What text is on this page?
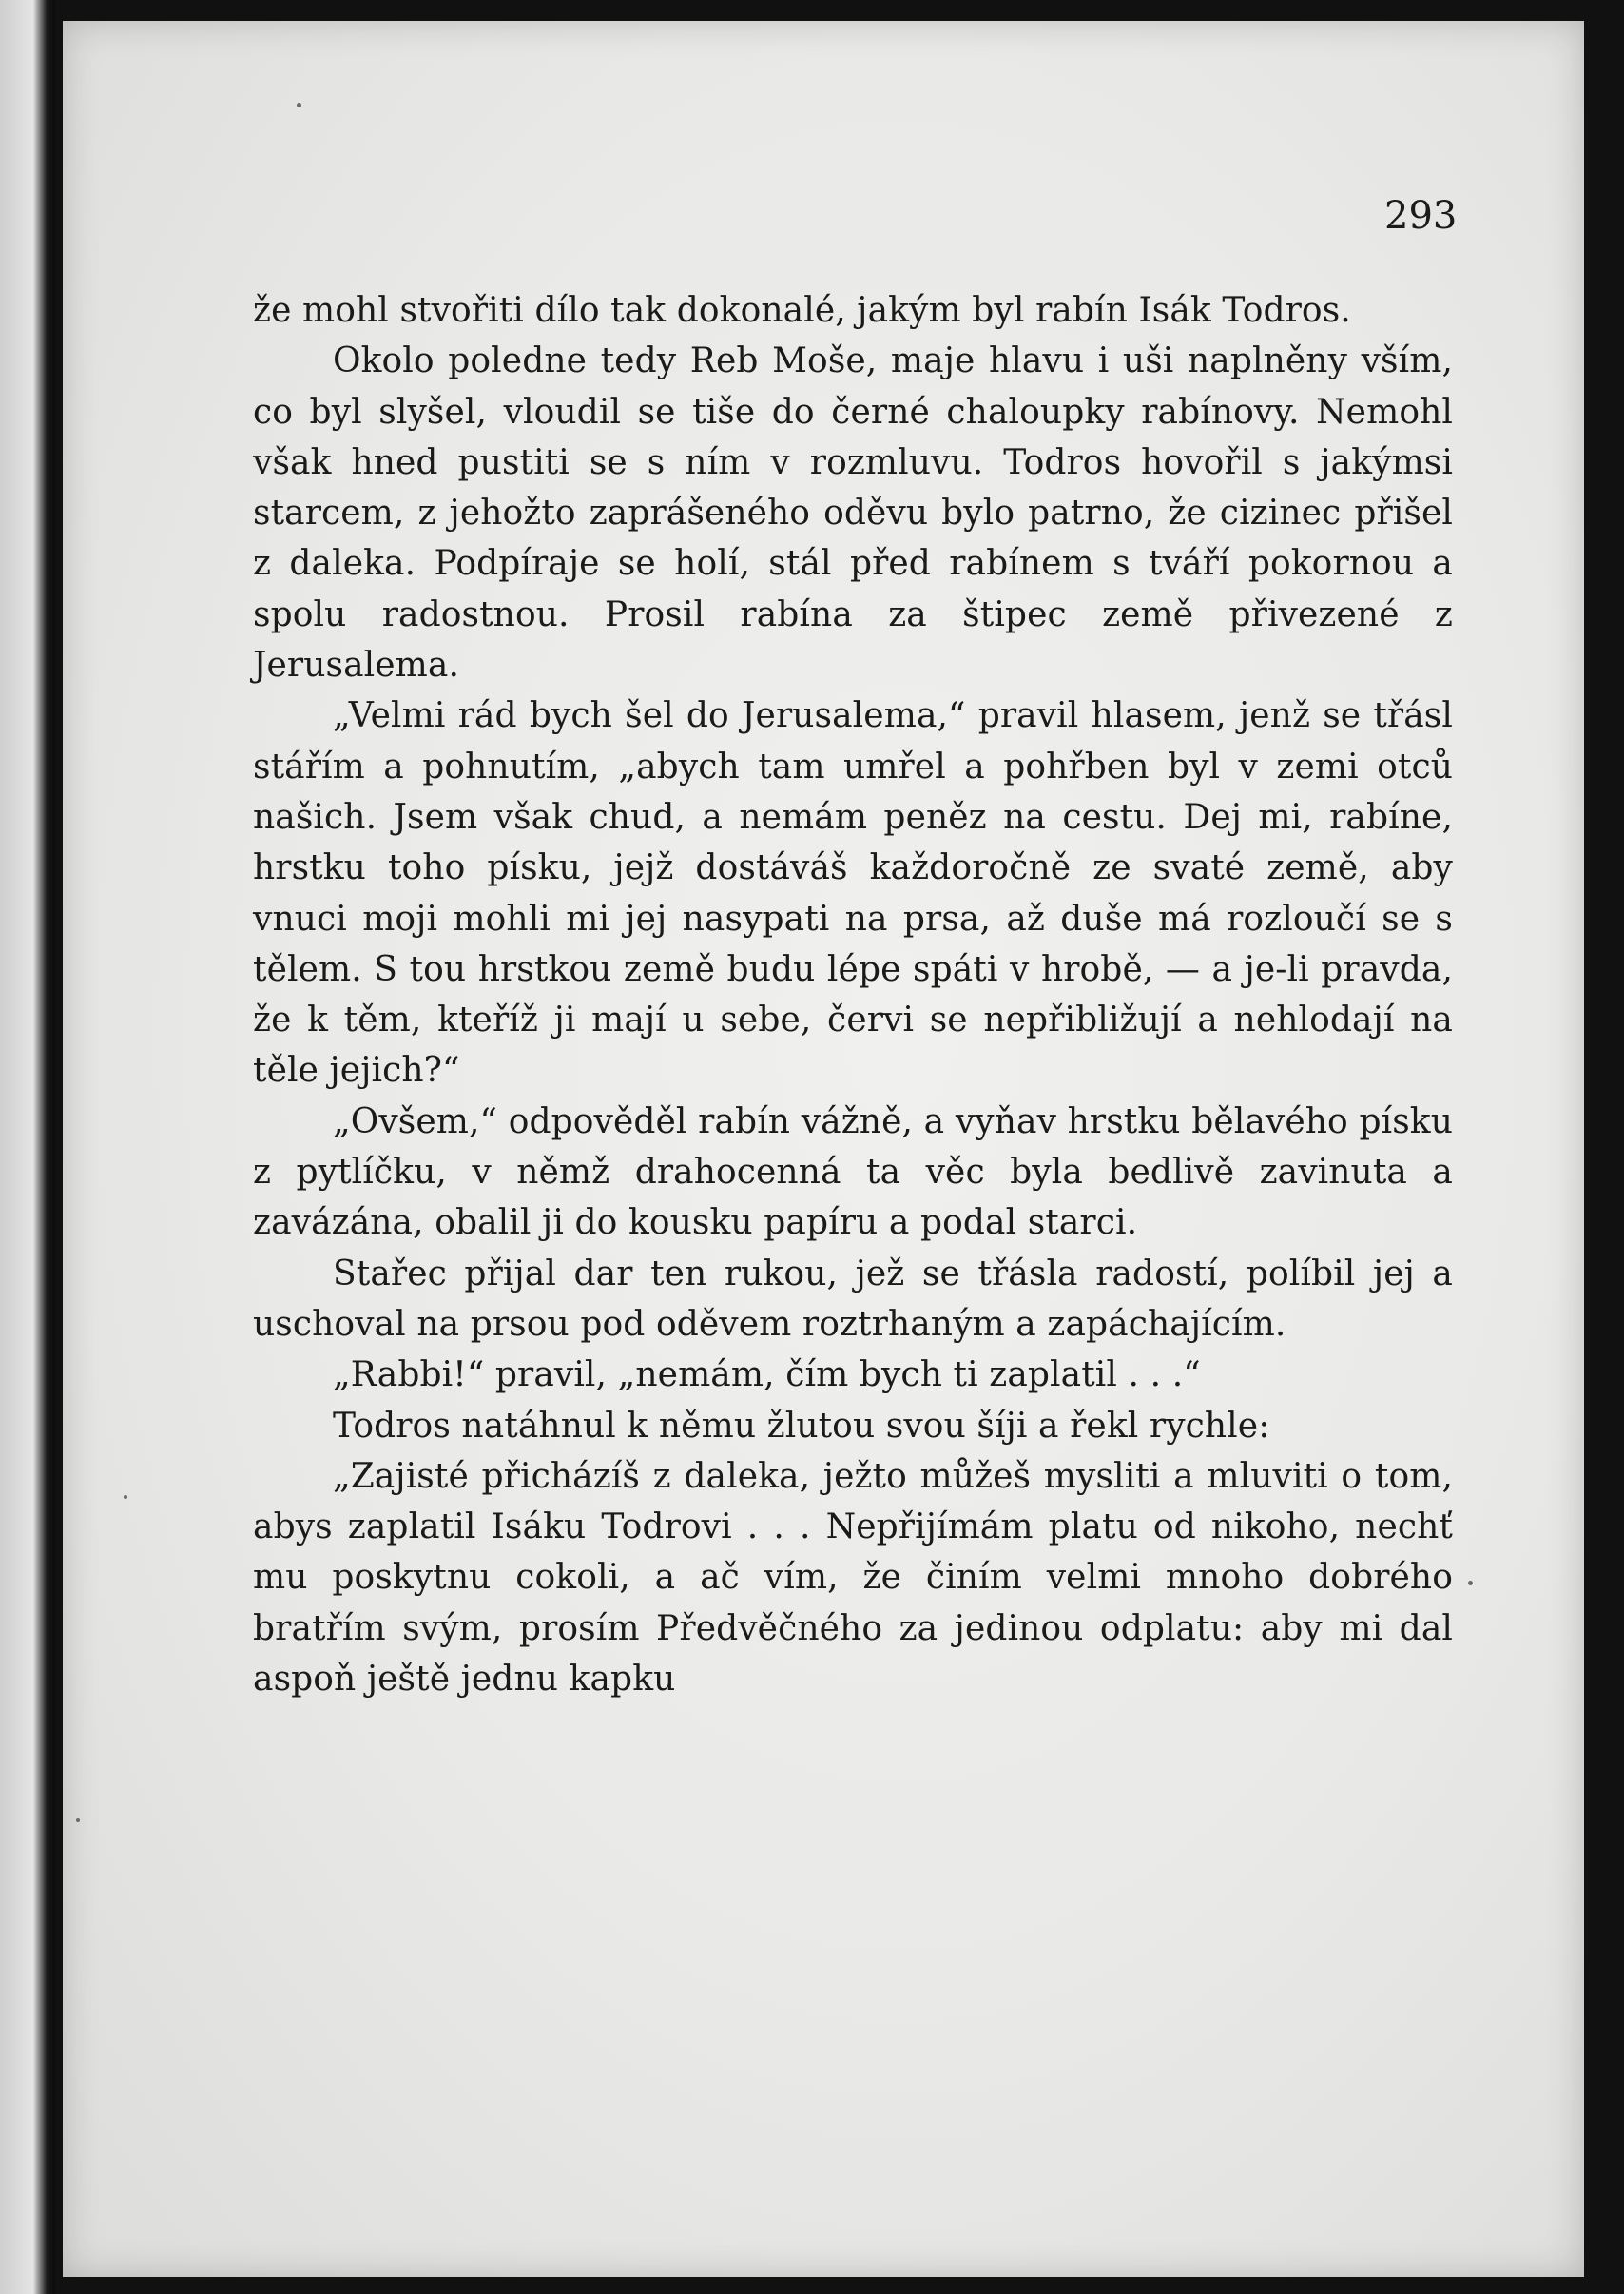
293

že mohl stvořiti dílo tak dokonalé, jakým byl rabín Isák Todros.

Okolo poledne tedy Reb Moše, maje hlavu i uši naplněny vším, co byl slyšel, vloudil se tiše do černé chaloupky rabínovy. Nemohl však hned pustiti se s ním v rozmluvu. Todros hovořil s jakýmsi starcem, z jehožto zaprášeného oděvu bylo patrno, že cizinec přišel z daleka. Podpíraje se holí, stál před rabínem s tváří pokornou a spolu radostnou. Prosil rabína za štipec země přivezené z Jerusalema.

„Velmi rád bych šel do Jerusalema,“ pravil hlasem, jenž se třásl stářím a pohnutím, „abych tam umřel a pohřben byl v zemi otců našich. Jsem však chud, a nemám peněz na cestu. Dej mi, rabíne, hrstku toho písku, jejž dostáváš každoročně ze svaté země, aby vnuci moji mohli mi jej nasypati na prsa, až duše má rozloučí se s tělem. S tou hrstkou země budu lépe spáti v hrobě, — a je-li pravda, že k těm, kteříž ji mají u sebe, červi se nepřibližují a nehlodají na těle jejich?“

„Ovšem,“ odpověděl rabín vážně, a vyňav hrstku bělavého písku z pytlíčku, v němž drahocenná ta věc byla bedlivě zavinuta a zavázána, obalil ji do kousku papíru a podal starci.

Stařec přijal dar ten rukou, jež se třásla radostí, políbil jej a uschoval na prsou pod oděvem roztrhaným a zapáchajícím.

„Rabbi!“ pravil, „nemám, čím bych ti zaplatil . . .“

Todros natáhnul k němu žlutou svou šíji a řekl rychle:

„Zajisté přicházíš z daleka, ježto můžeš mysliti a mluviti o tom, abys zaplatil Isáku Todrovi . . . Nepřijímám platu od nikoho, nechť mu poskytnu cokoli, a ač vím, že činím velmi mnoho dobrého bratřím svým, prosím Předvěčného za jedinou odplatu: aby mi dal aspoň ještě jednu kapku
